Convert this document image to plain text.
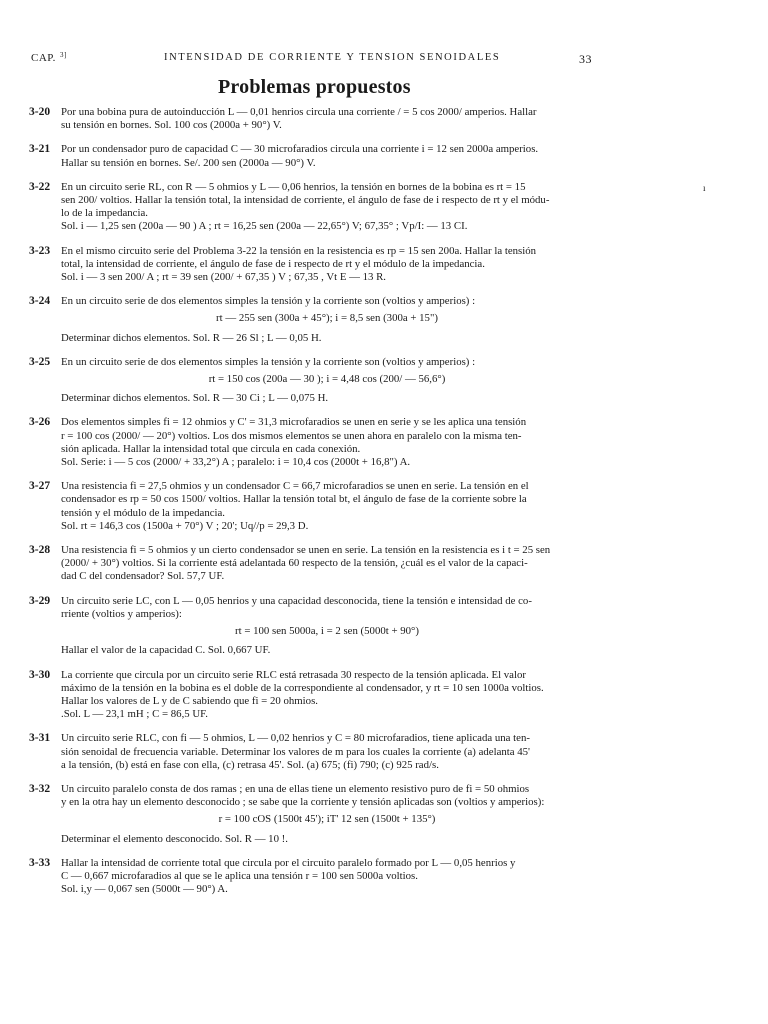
CAP. 3]	INTENSIDAD DE CORRIENTE Y TENSION SENOIDALES	33
Problemas propuestos
ı
3-20 Por una bobina pura de autoinducción L — 0,01 henrios circula una corriente / = 5 cos 2000/ amperios. Hallar
su tensión en bornes. Sol. 100 cos (2000a + 90°) V.
3-21 Por un condensador puro de capacidad C — 30 microfaradios circula una corriente i = 12 sen 2000a amperios.
Hallar su tensión en bornes. Se/. 200 sen (2000a — 90°) V.
3-22 En un circuito serie RL, con R — 5 ohmios y L — 0,06 henrios, la tensión en bornes de la bobina es rt = 15
sen 200/ voltios. Hallar la tensión total, la intensidad de corriente, el ángulo de fase de i respecto de rt y el módu-
lo de la impedancia.
Sol. i — 1,25 sen (200a — 90 ) A ; rt = 16,25 sen (200a — 22,65°) V; 67,35° ; Vp/I: — 13 CI.
3-23 En el mismo circuito serie del Problema 3-22 la tensión en la resistencia es rp = 15 sen 200a. Hallar la tensión
total, la intensidad de corriente, el ángulo de fase de i respecto de rt y el módulo de la impedancia.
Sol. i — 3 sen 200/ A ; rt = 39 sen (200/ + 67,35 ) V ; 67,35 , Vt E — 13 R.
3-24 En un circuito serie de dos elementos simples la tensión y la corriente son (voltios y amperios) :
rt — 255 sen (300a + 45°); i = 8,5 sen (300a + 15")
Determinar dichos elementos. Sol. R — 26 Sl ; L — 0,05 H.
3-25 En un circuito serie de dos elementos simples la tensión y la corriente son (voltios y amperios) :
rt = 150 cos (200a — 30 ); i = 4,48 cos (200/ — 56,6°)
Determinar dichos elementos. Sol. R — 30 Ci ; L — 0,075 H.
3-26 Dos elementos simples fi = 12 ohmios y C' = 31,3 microfaradios se unen en serie y se les aplica una tensión
r = 100 cos (2000/ — 20°) voltios. Los dos mismos elementos se unen ahora en paralelo con la misma ten-
sión aplicada. Hallar la intensidad total que circula en cada conexión.
Sol. Serie: i — 5 cos (2000/ + 33,2°) A ; paralelo: i = 10,4 cos (2000t + 16,8") A.
3-27 Una resistencia fi = 27,5 ohmios y un condensador C = 66,7 microfaradios se unen en serie. La tensión en el
condensador es rp = 50 cos 1500/ voltios. Hallar la tensión total bt, el ángulo de fase de la corriente sobre la
tensión y el módulo de la impedancia.
Sol. rt = 146,3 cos (1500a + 70°) V ; 20'; Uq//p = 29,3 D.
3-28 Una resistencia fi = 5 ohmios y un cierto condensador se unen en serie. La tensión en la resistencia es i t = 25 sen
(2000/ + 30°) voltios. Si la corriente está adelantada 60 respecto de la tensión, ¿cuál es el valor de la capaci-
dad C del condensador? Sol. 57,7 UF.
3-29 Un circuito serie LC, con L — 0,05 henrios y una capacidad desconocida, tiene la tensión e intensidad de co-
rriente (voltios y amperios):
rt = 100 sen 5000a, i = 2 sen (5000t + 90°)
Hallar el valor de la capacidad C. Sol. 0,667 UF.
3-30 La corriente que circula por un circuito serie RLC está retrasada 30 respecto de la tensión aplicada. El valor
máximo de la tensión en la bobina es el doble de la correspondiente al condensador, y rt = 10 sen 1000a voltios.
Hallar los valores de L y de C sabiendo que fi = 20 ohmios.
.Sol. L — 23,1 mH ; C = 86,5 UF.
3-31 Un circuito serie RLC, con fi — 5 ohmios, L — 0,02 henrios y C = 80 microfaradios, tiene aplicada una ten-
sión senoidal de frecuencia variable. Determinar los valores de m para los cuales la corriente (a) adelanta 45'
a la tensión, (b) está en fase con ella, (c) retrasa 45'. Sol. (a) 675; (fi) 790; (c) 925 rad/s.
3-32 Un circuito paralelo consta de dos ramas ; en una de ellas tiene un elemento resistivo puro de fi = 50 ohmios
y en la otra hay un elemento desconocido ; se sabe que la corriente y tensión aplicadas son (voltios y amperios):
r = 100 cOS (1500t 45'); iT' 12 sen (1500t + 135°)
Determinar el elemento desconocido. Sol. R — 10 !.
3-33 Hallar la intensidad de corriente total que circula por el circuito paralelo formado por L — 0,05 henrios y
C — 0,667 microfaradios al que se le aplica una tensión r = 100 sen 5000a voltios.
Sol. i,y — 0,067 sen (5000t — 90°) A.
